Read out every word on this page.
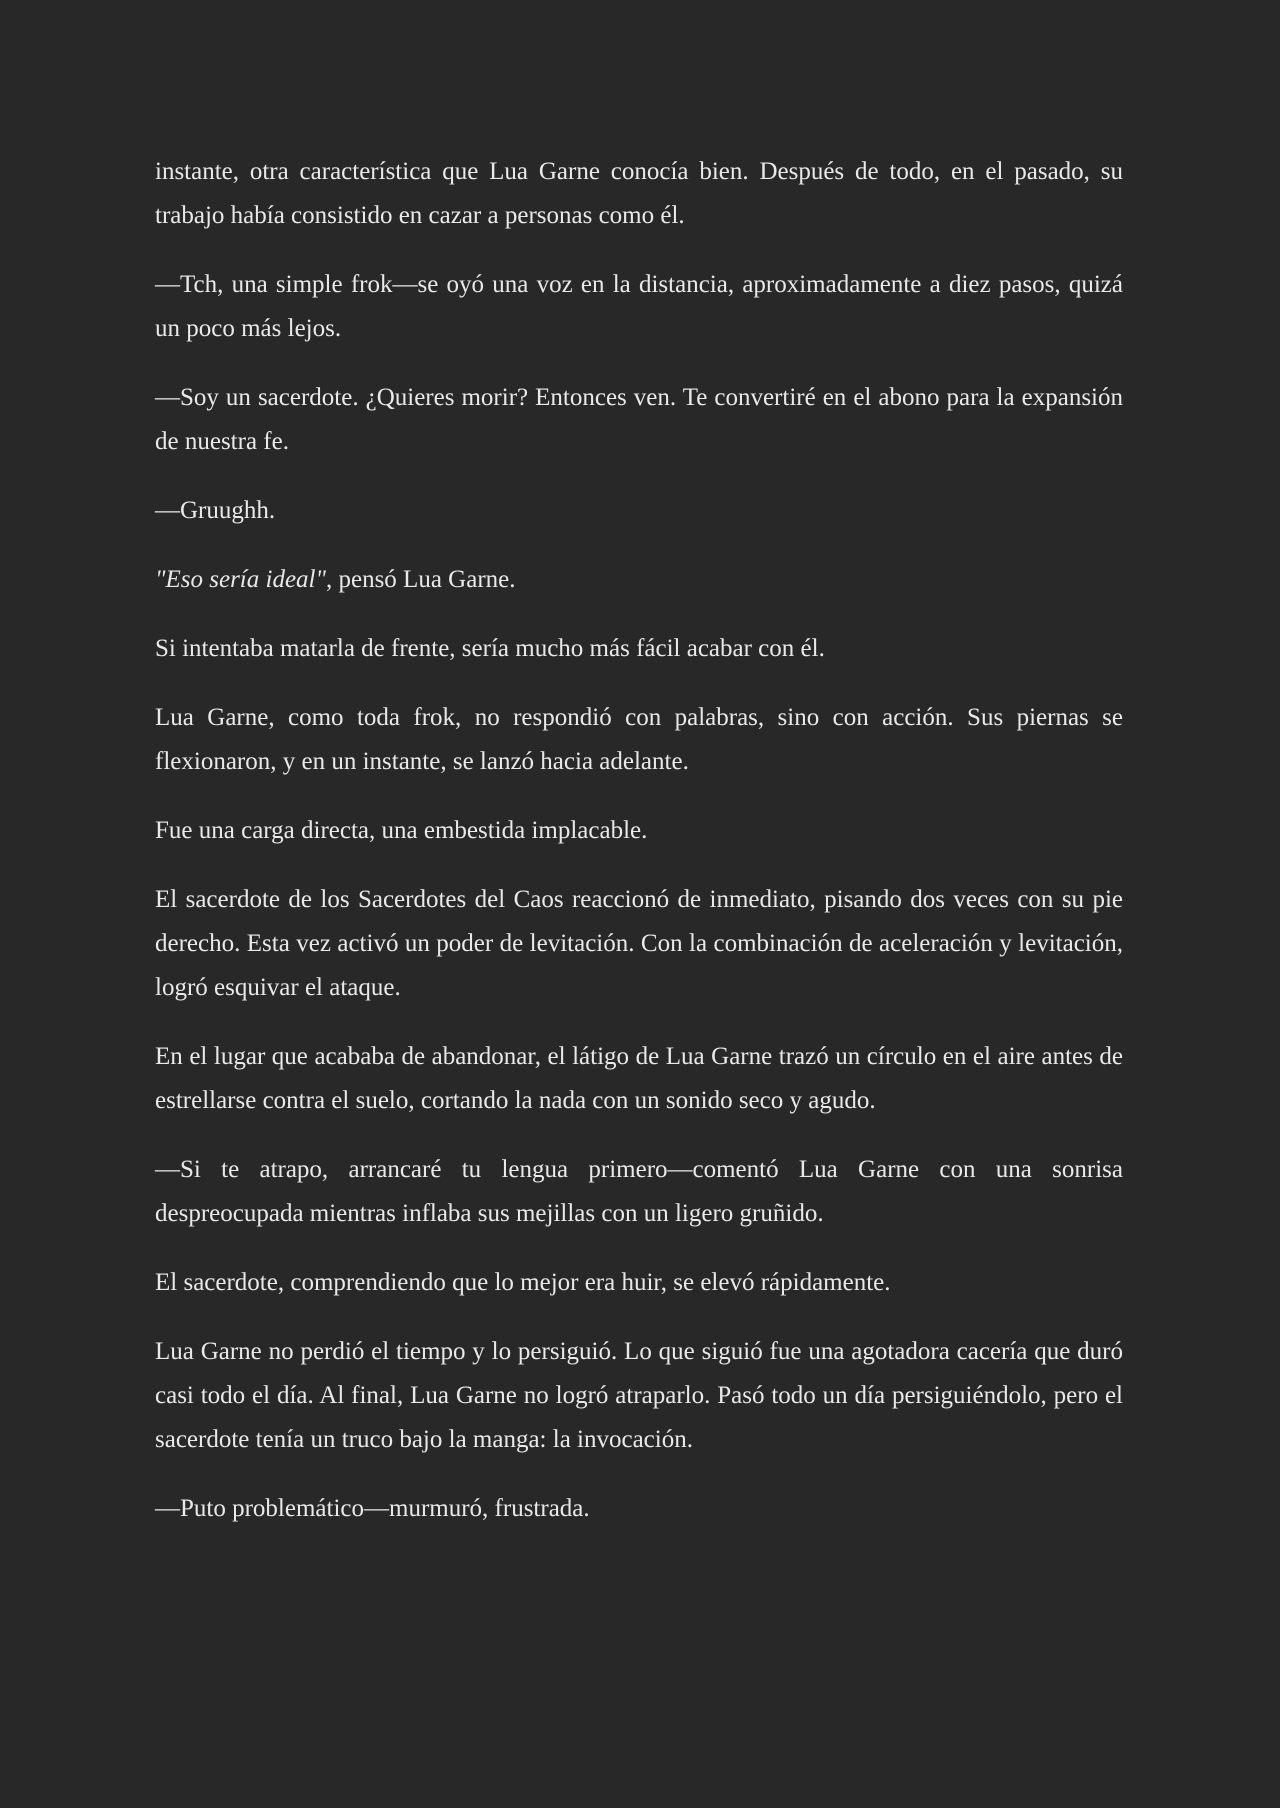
instante, otra característica que Lua Garne conocía bien. Después de todo, en el pasado, su trabajo había consistido en cazar a personas como él.

—Tch, una simple frok—se oyó una voz en la distancia, aproximadamente a diez pasos, quizá un poco más lejos.

—Soy un sacerdote. ¿Quieres morir? Entonces ven. Te convertiré en el abono para la expansión de nuestra fe.

—Gruughh.

"Eso sería ideal", pensó Lua Garne.

Si intentaba matarla de frente, sería mucho más fácil acabar con él.

Lua Garne, como toda frok, no respondió con palabras, sino con acción. Sus piernas se flexionaron, y en un instante, se lanzó hacia adelante.

Fue una carga directa, una embestida implacable.

El sacerdote de los Sacerdotes del Caos reaccionó de inmediato, pisando dos veces con su pie derecho. Esta vez activó un poder de levitación. Con la combinación de aceleración y levitación, logró esquivar el ataque.

En el lugar que acababa de abandonar, el látigo de Lua Garne trazó un círculo en el aire antes de estrellarse contra el suelo, cortando la nada con un sonido seco y agudo.

—Si te atrapo, arrancaré tu lengua primero—comentó Lua Garne con una sonrisa despreocupada mientras inflaba sus mejillas con un ligero gruñido.

El sacerdote, comprendiendo que lo mejor era huir, se elevó rápidamente.

Lua Garne no perdió el tiempo y lo persiguió. Lo que siguió fue una agotadora cacería que duró casi todo el día. Al final, Lua Garne no logró atraparlo. Pasó todo un día persiguiéndolo, pero el sacerdote tenía un truco bajo la manga: la invocación.

—Puto problemático—murmuró, frustrada.
